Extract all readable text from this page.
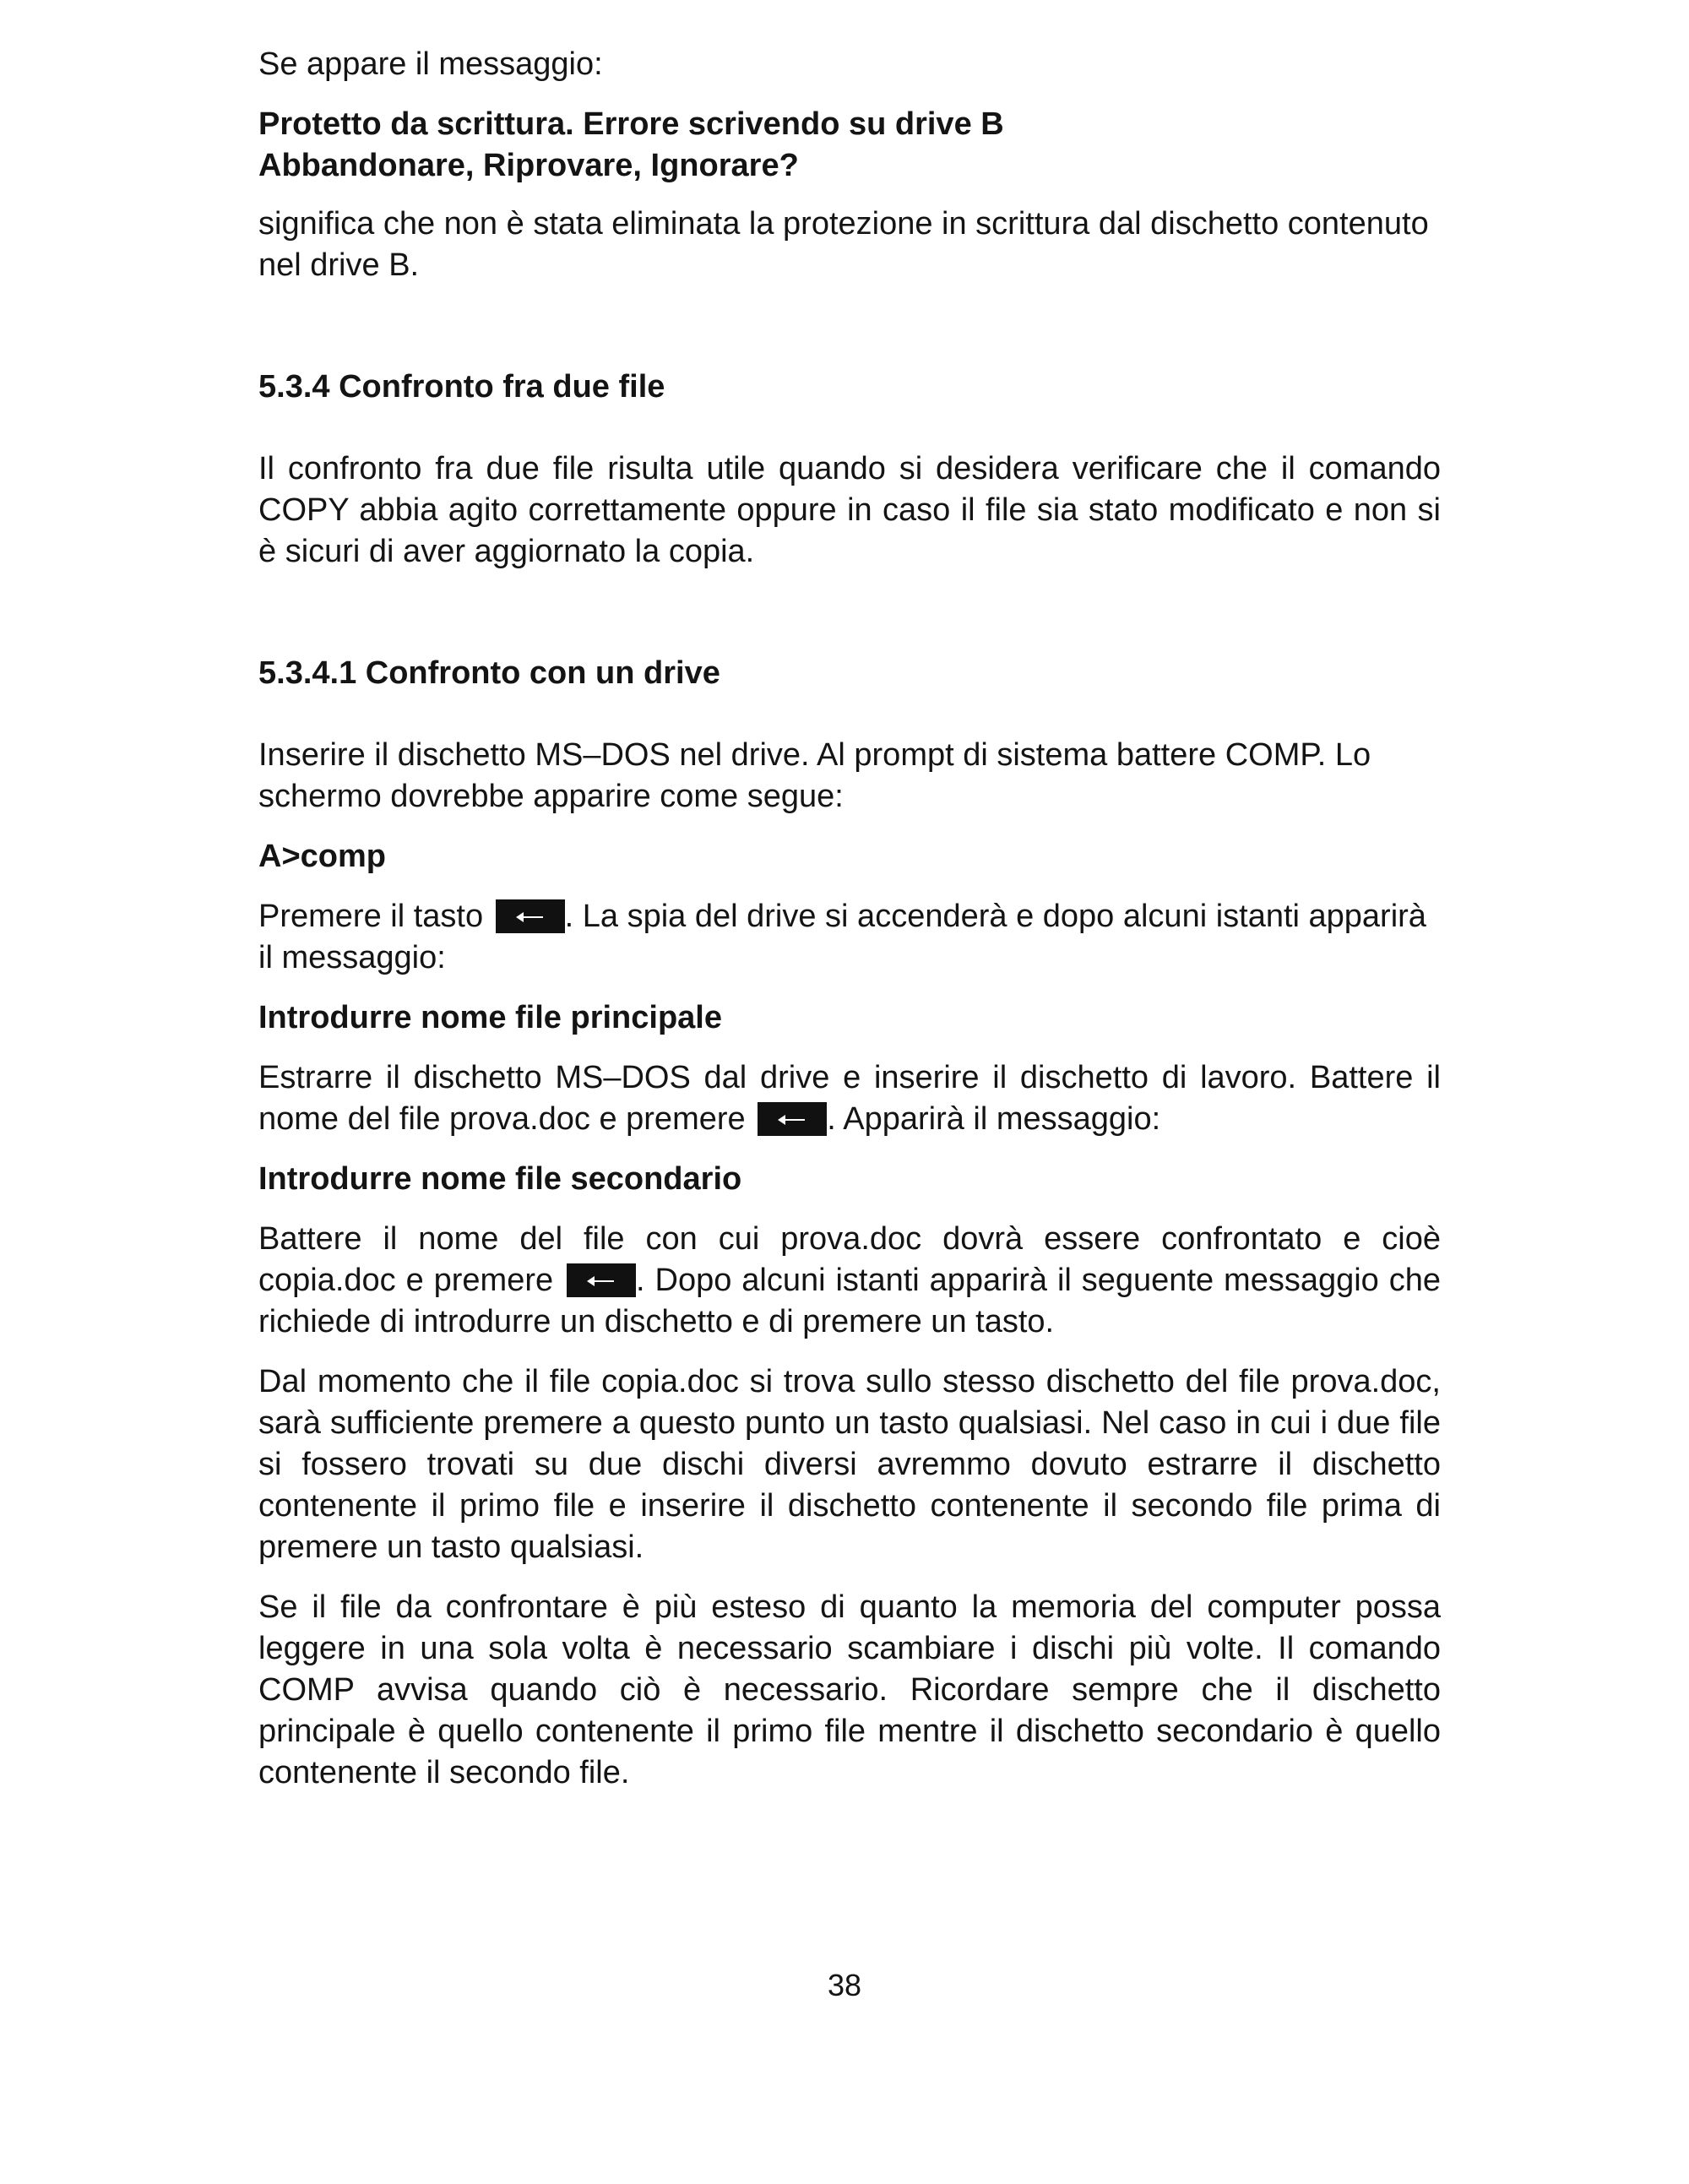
Se appare il messaggio:

Protetto da scrittura. Errore scrivendo su drive B

Abbandonare, Riprovare, Ignorare?

significa che non è stata eliminata la protezione in scrittura dal dischetto contenuto nel drive B.

5.3.4 Confronto fra due file

Il confronto fra due file risulta utile quando si desidera verificare che il comando COPY abbia agito correttamente oppure in caso il file sia stato modificato e non si è sicuri di aver aggiornato la copia.

5.3.4.1 Confronto con un drive

Inserire il dischetto MS–DOS nel drive. Al prompt di sistema battere COMP. Lo schermo dovrebbe apparire come segue:

A>comp

Premere il tasto . La spia del drive si accenderà e dopo alcuni istanti apparirà il messaggio:

Introdurre nome file principale

Estrarre il dischetto MS–DOS dal drive e inserire il dischetto di lavoro. Battere il nome del file prova.doc e premere . Apparirà il messaggio:

Introdurre nome file secondario

Battere il nome del file con cui prova.doc dovrà essere confrontato e cioè copia.doc e premere . Dopo alcuni istanti apparirà il seguente messaggio che richiede di introdurre un dischetto e di premere un tasto.

Dal momento che il file copia.doc si trova sullo stesso dischetto del file prova.doc, sarà sufficiente premere a questo punto un tasto qualsiasi. Nel caso in cui i due file si fossero trovati su due dischi diversi avremmo dovuto estrarre il dischetto contenente il primo file e inserire il dischetto contenente il secondo file prima di premere un tasto qualsiasi.

Se il file da confrontare è più esteso di quanto la memoria del computer possa leggere in una sola volta è necessario scambiare i dischi più volte. Il comando COMP avvisa quando ciò è necessario. Ricordare sempre che il dischetto principale è quello contenente il primo file mentre il dischetto secondario è quello contenente il secondo file.

38
